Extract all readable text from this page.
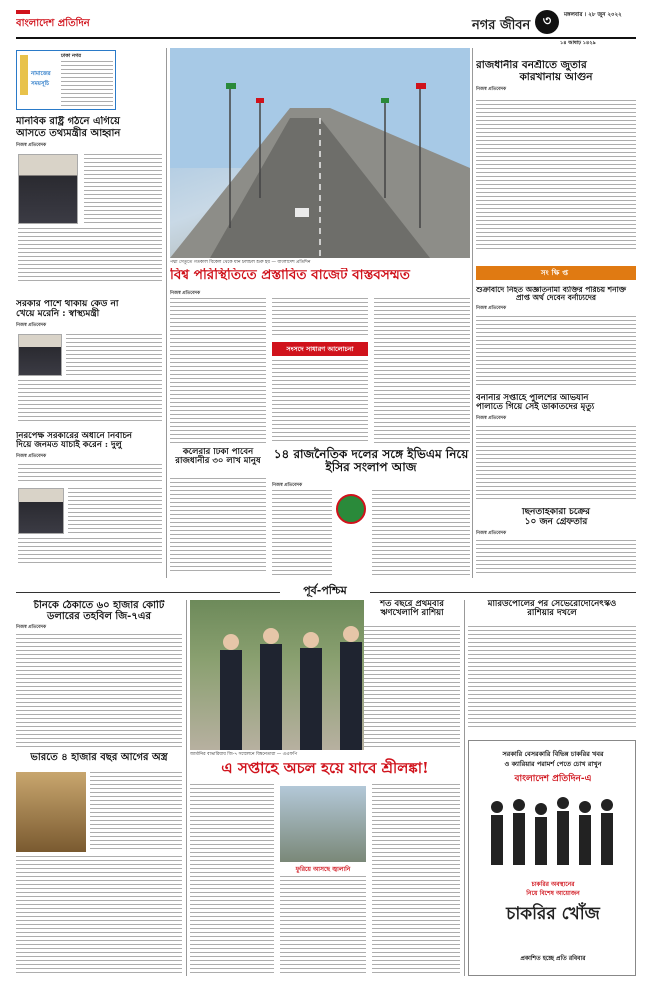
বাংলাদেশ প্রতিদিন	নগর জীবন ৩	মঙ্গলবার । ২৮ জুন ২০২২
১৪ আষাঢ় ১৪২৯
নামাজের
সময়সূচি
ঢাকা নগর
মানবিক রাষ্ট্র গঠনে এগিয়ে
আসতে তথ্যমন্ত্রীর আহ্বান
নিজস্ব প্রতিবেদক
সরকার পাশে থাকায় কেউ না
খেয়ে মরেনি : স্বাস্থ্যমন্ত্রী
নিজস্ব প্রতিবেদক
নিরপেক্ষ সরকারের অধীনে নির্বাচন
দিয়ে জনমত যাচাই করেন : দুলু
নিজস্ব প্রতিবেদক
পদ্মা সেতুতে গতকাল বিকেল থেকে যান চলাচল শুরু হয় — বাংলাদেশ প্রতিদিন
রাজধানীর বনশ্রীতে জুতার
কারখানায় আগুন
নিজস্ব প্রতিবেদক
সংক্ষিপ্ত
শুক্রাবাদে নিহত অজ্ঞাতনামা ব্যক্তির পরিচয় শনাক্ত
প্রাপ্ত অর্থ দেবেন বর্নাঢ্যদের
নিজস্ব প্রতিবেদক
বনানীর সপ্তাহে পুলিশের অভিযান
পালাতে গিয়ে সেই ডাকাতদের মৃত্যু
নিজস্ব প্রতিবেদক
ছিনতাইকারী চক্রের
১০ জন গ্রেফতার
নিজস্ব প্রতিবেদক
বিশ্ব পরিস্থিতিতে প্রস্তাবিত বাজেট বাস্তবসম্মত
নিজস্ব প্রতিবেদক
সংসদে সাধারণ আলোচনা
কলেরার টিকা পাবেন রাজধানীর ৩০ লাখ মানুষ
১৪ রাজনৈতিক দলের সঙ্গে ইভিএম নিয়ে ইসির সংলাপ আজ
নিজস্ব প্রতিবেদক
পূর্ব-পশ্চিম
চীনকে ঠেকাতে ৬০ হাজার কোটি
ডলারের তহবিল জি-৭এর
নিজস্ব প্রতিবেদক
ভারতে ৪ হাজার বছর আগের অস্ত্র	জার্মানির বাভারিয়ায় জি-৭ সম্মেলনে বিশ্বনেতারা — এএফপি
এ সপ্তাহে অচল হয়ে যাবে শ্রীলঙ্কা!
ফুরিয়ে আসছে জ্বালানি
শত বছরে প্রথমবার
ঋণখেলাপি রাশিয়া
মারিউপোলের পর সেভেরোদোনেৎস্কও
রাশিয়ার দখলে
সরকারি বেসরকারি বিভিন্ন চাকরির খবর
ও ক্যারিয়ার পরামর্শ পেতে চোখ রাখুন
বাংলাদেশ প্রতিদিন-এ
চাকরির অবস্থানের
নিয়ে বিশেষ আয়োজন
চাকরির খোঁজ
প্রকাশিত হচ্ছে প্রতি রবিবার
